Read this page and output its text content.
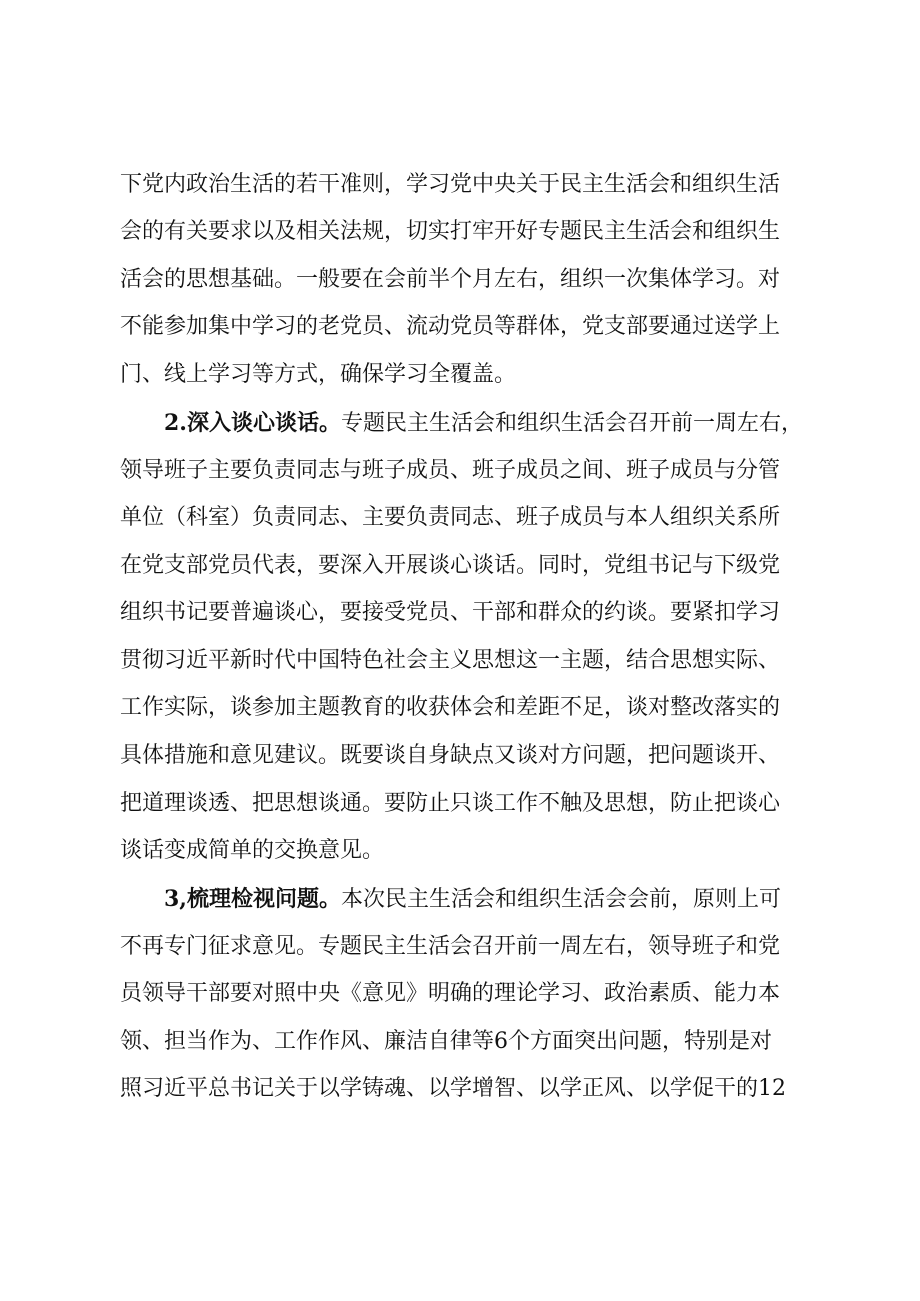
下党内政治生活的若干准则，学习党中央关于民主生活会和组织生活
会的有关要求以及相关法规，切实打牢开好专题民主生活会和组织生
活会的思想基础。一般要在会前半个月左右，组织一次集体学习。对
不能参加集中学习的老党员、流动党员等群体，党支部要通过送学上
门、线上学习等方式，确保学习全覆盖。
2.深入谈心谈话。专题民主生活会和组织生活会召开前一周左右，
领导班子主要负责同志与班子成员、班子成员之间、班子成员与分管
单位（科室）负责同志、主要负责同志、班子成员与本人组织关系所
在党支部党员代表，要深入开展谈心谈话。同时，党组书记与下级党
组织书记要普遍谈心，要接受党员、干部和群众的约谈。要紧扣学习
贯彻习近平新时代中国特色社会主义思想这一主题，结合思想实际、
工作实际，谈参加主题教育的收获体会和差距不足，谈对整改落实的
具体措施和意见建议。既要谈自身缺点又谈对方问题，把问题谈开、
把道理谈透、把思想谈通。要防止只谈工作不触及思想，防止把谈心
谈话变成简单的交换意见。
3,梳理检视问题。本次民主生活会和组织生活会会前，原则上可
不再专门征求意见。专题民主生活会召开前一周左右，领导班子和党
员领导干部要对照中央《意见》明确的理论学习、政治素质、能力本
领、担当作为、工作作风、廉洁自律等6个方面突出问题，特别是对
照习近平总书记关于以学铸魂、以学增智、以学正风、以学促干的12
